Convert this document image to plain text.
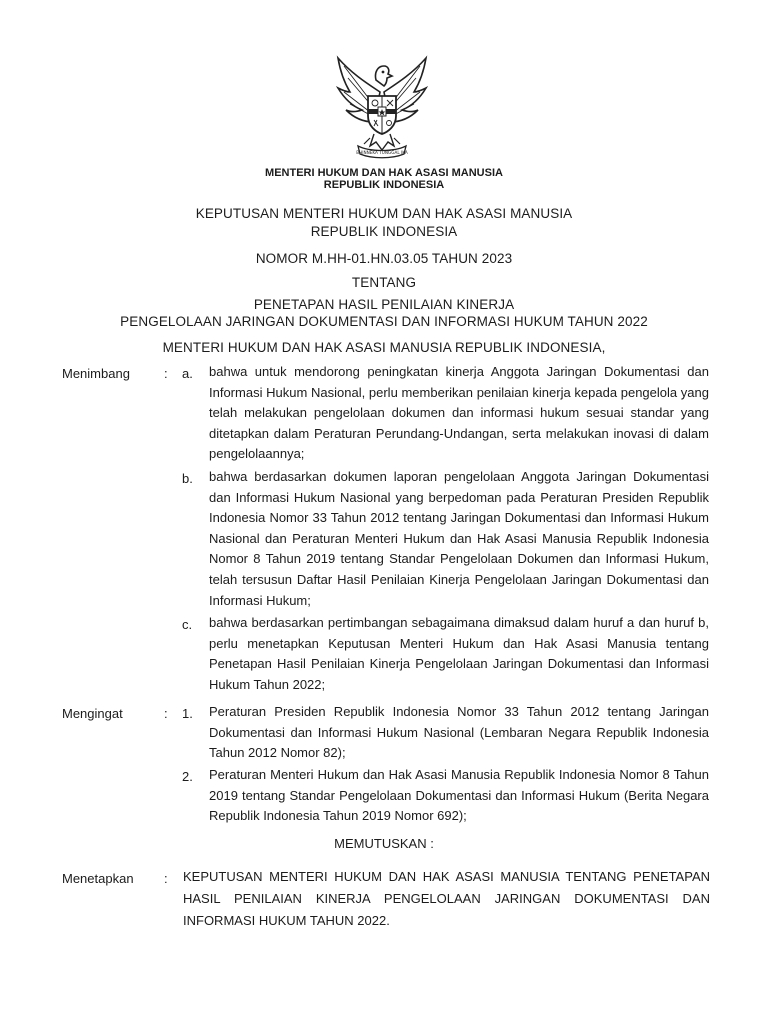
BHINNEKA TUNGGAL IKA
MENTERI HUKUM DAN HAK ASASI MANUSIA
REPUBLIK INDONESIA
KEPUTUSAN MENTERI HUKUM DAN HAK ASASI MANUSIA
REPUBLIK INDONESIA
NOMOR M.HH-01.HN.03.05 TAHUN 2023
TENTANG
PENETAPAN HASIL PENILAIAN KINERJA
PENGELOLAAN JARINGAN DOKUMENTASI DAN INFORMASI HUKUM TAHUN 2022
MENTERI HUKUM DAN HAK ASASI MANUSIA REPUBLIK INDONESIA,
Menimbang	: a. bahwa untuk mendorong peningkatan kinerja Anggota Jaringan Dokumentasi dan Informasi Hukum Nasional, perlu memberikan penilaian kinerja kepada pengelola yang telah melakukan pengelolaan dokumen dan informasi hukum sesuai standar yang ditetapkan dalam Peraturan Perundang-Undangan, serta melakukan inovasi di dalam pengelolaannya;
b. bahwa berdasarkan dokumen laporan pengelolaan Anggota Jaringan Dokumentasi dan Informasi Hukum Nasional yang berpedoman pada Peraturan Presiden Republik Indonesia Nomor 33 Tahun 2012 tentang Jaringan Dokumentasi dan Informasi Hukum Nasional dan Peraturan Menteri Hukum dan Hak Asasi Manusia Republik Indonesia Nomor 8 Tahun 2019 tentang Standar Pengelolaan Dokumen dan Informasi Hukum, telah tersusun Daftar Hasil Penilaian Kinerja Pengelolaan Jaringan Dokumentasi dan Informasi Hukum;
c. bahwa berdasarkan pertimbangan sebagaimana dimaksud dalam huruf a dan huruf b, perlu menetapkan Keputusan Menteri Hukum dan Hak Asasi Manusia tentang Penetapan Hasil Penilaian Kinerja Pengelolaan Jaringan Dokumentasi dan Informasi Hukum Tahun 2022;
Mengingat	: 1. Peraturan Presiden Republik Indonesia Nomor 33 Tahun 2012 tentang Jaringan Dokumentasi dan Informasi Hukum Nasional (Lembaran Negara Republik Indonesia Tahun 2012 Nomor 82);
2. Peraturan Menteri Hukum dan Hak Asasi Manusia Republik Indonesia Nomor 8 Tahun 2019 tentang Standar Pengelolaan Dokumentasi dan Informasi Hukum (Berita Negara Republik Indonesia Tahun 2019 Nomor 692);
MEMUTUSKAN :
Menetapkan : KEPUTUSAN MENTERI HUKUM DAN HAK ASASI MANUSIA TENTANG PENETAPAN HASIL PENILAIAN KINERJA PENGELOLAAN JARINGAN DOKUMENTASI DAN INFORMASI HUKUM TAHUN 2022.
